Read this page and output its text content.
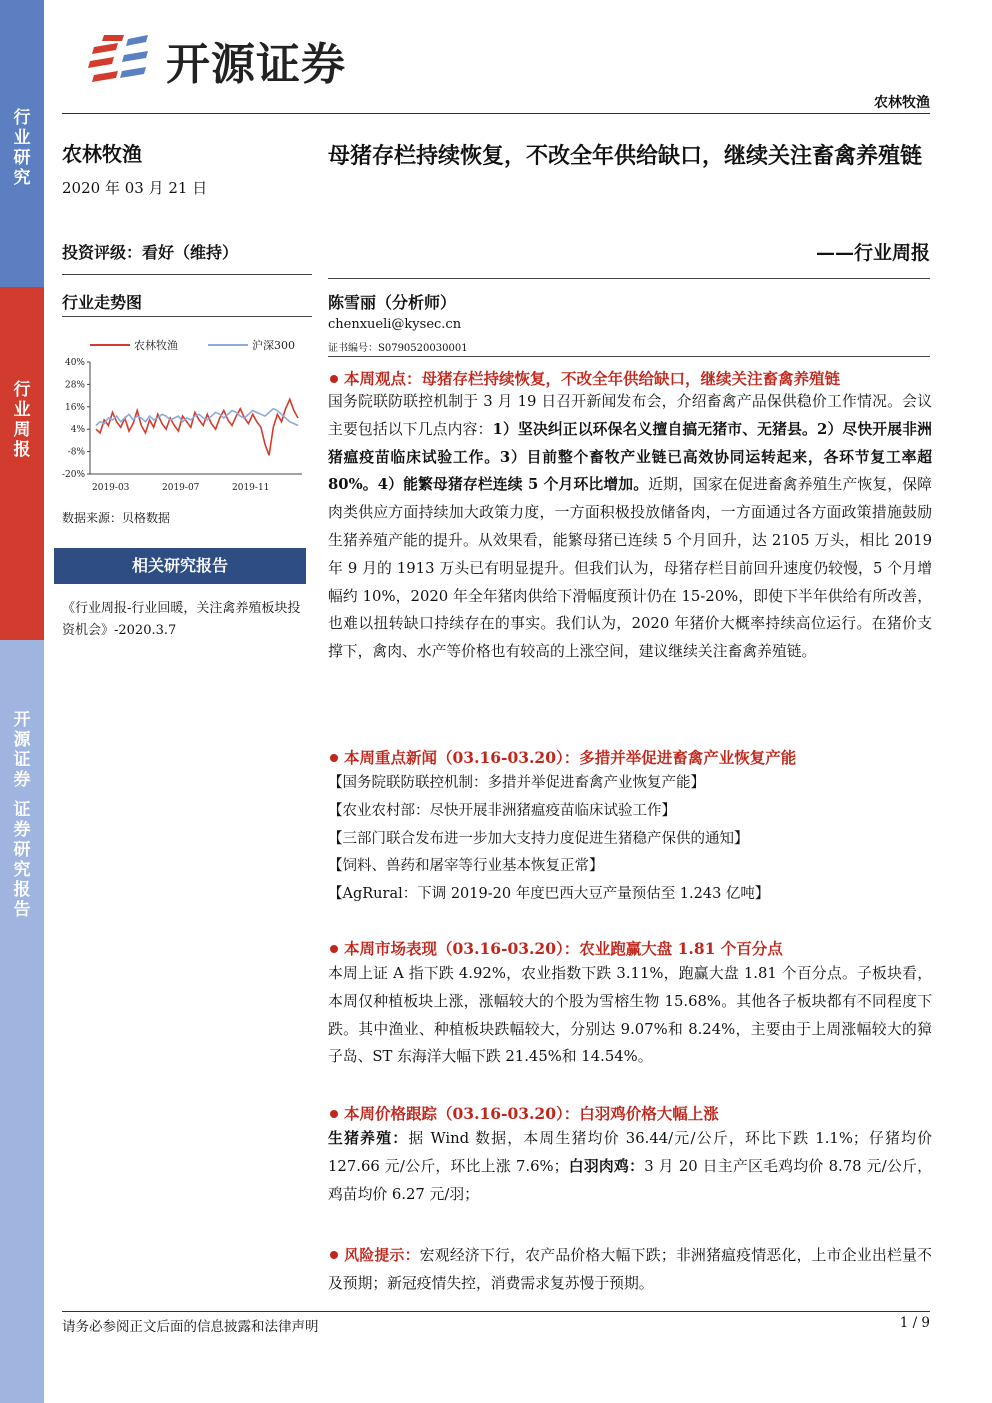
行业研究
行业周报
开源证券
证券研究报告
开源证券
农林牧渔
农林牧渔
2020 年 03 月 21 日
投资评级：看好（维持）
行业走势图
农林牧渔	沪深300
40%
28%
16%
4%
-8%
-20%
2019-03	2019-07	2019-11
数据来源：贝格数据
相关研究报告
《行业周报-行业回暖，关注禽养殖板块投资机会》-2020.3.7
母猪存栏持续恢复，不改全年供给缺口，继续关注畜禽养殖链
——行业周报
陈雪丽（分析师）
chenxueli@kysec.cn
证书编号：S0790520030001
本周观点：母猪存栏持续恢复，不改全年供给缺口，继续关注畜禽养殖链
国务院联防联控机制于 3 月 19 日召开新闻发布会，介绍畜禽产品保供稳价工作情况。会议主要包括以下几点内容：1）坚决纠正以环保名义擅自搞无猪市、无猪县。2）尽快开展非洲猪瘟疫苗临床试验工作。3）目前整个畜牧产业链已高效协同运转起来，各环节复工率超 80%。4）能繁母猪存栏连续 5 个月环比增加。近期，国家在促进畜禽养殖生产恢复，保障肉类供应方面持续加大政策力度，一方面积极投放储备肉，一方面通过各方面政策措施鼓励生猪养殖产能的提升。从效果看，能繁母猪已连续 5 个月回升，达 2105 万头，相比 2019 年 9 月的 1913 万头已有明显提升。但我们认为，母猪存栏目前回升速度仍较慢，5 个月增幅约 10%，2020 年全年猪肉供给下滑幅度预计仍在 15-20%，即使下半年供给有所改善，也难以扭转缺口持续存在的事实。我们认为，2020 年猪价大概率持续高位运行。在猪价支撑下，禽肉、水产等价格也有较高的上涨空间，建议继续关注畜禽养殖链。
本周重点新闻（03.16-03.20）：多措并举促进畜禽产业恢复产能
【国务院联防联控机制：多措并举促进畜禽产业恢复产能】
【农业农村部：尽快开展非洲猪瘟疫苗临床试验工作】
【三部门联合发布进一步加大支持力度促进生猪稳产保供的通知】
【饲料、兽药和屠宰等行业基本恢复正常】
【AgRural：下调 2019-20 年度巴西大豆产量预估至 1.243 亿吨】
本周市场表现（03.16-03.20）：农业跑赢大盘 1.81 个百分点
本周上证 A 指下跌 4.92%，农业指数下跌 3.11%，跑赢大盘 1.81 个百分点。子板块看，本周仅种植板块上涨，涨幅较大的个股为雪榕生物 15.68%。其他各子板块都有不同程度下跌。其中渔业、种植板块跌幅较大，分别达 9.07%和 8.24%，主要由于上周涨幅较大的獐子岛、ST 东海洋大幅下跌 21.45%和 14.54%。
本周价格跟踪（03.16-03.20）：白羽鸡价格大幅上涨
生猪养殖：据 Wind 数据，本周生猪均价 36.44/元/公斤，环比下跌 1.1%；仔猪均价 127.66 元/公斤，环比上涨 7.6%；白羽肉鸡：3 月 20 日主产区毛鸡均价 8.78 元/公斤，鸡苗均价 6.27 元/羽；
风险提示：宏观经济下行，农产品价格大幅下跌；非洲猪瘟疫情恶化，上市企业出栏量不及预期；新冠疫情失控，消费需求复苏慢于预期。
请务必参阅正文后面的信息披露和法律声明	1 / 9
